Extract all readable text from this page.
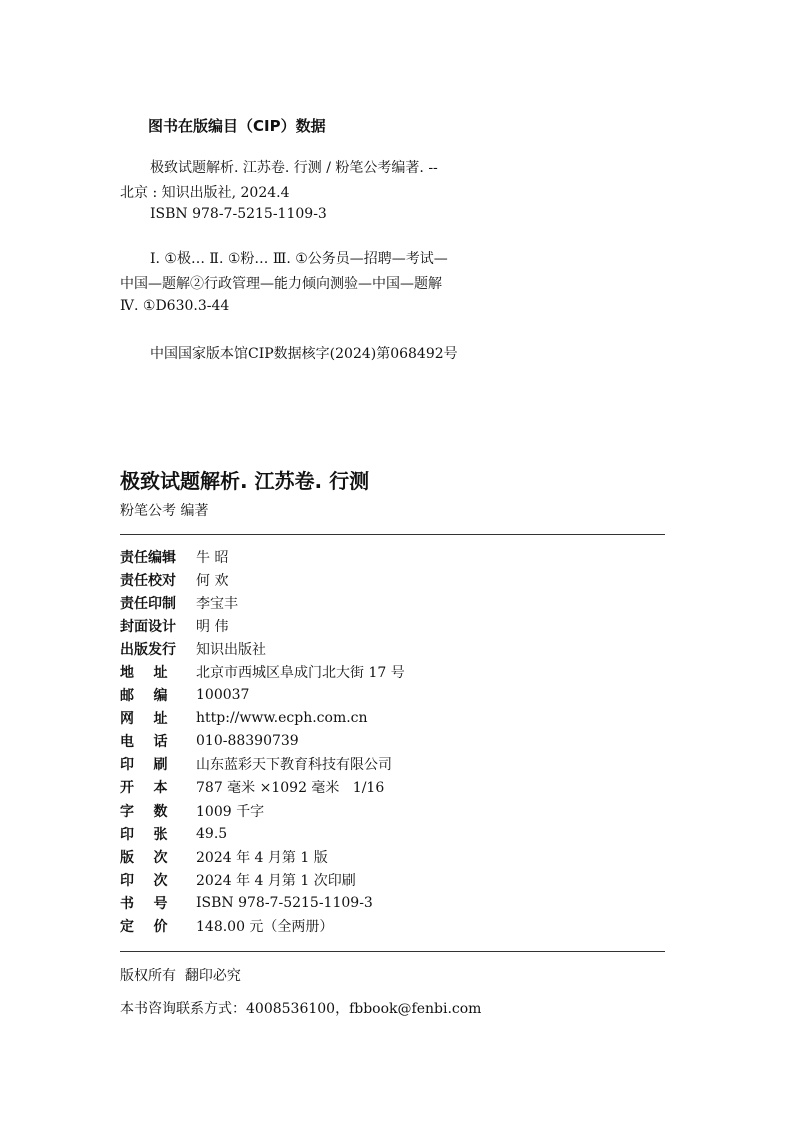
图书在版编目（CIP）数据
极致试题解析. 江苏卷. 行测 / 粉笔公考编著. --
北京 : 知识出版社, 2024.4
ISBN 978-7-5215-1109-3
Ⅰ. ①极… Ⅱ. ①粉… Ⅲ. ①公务员—招聘—考试—
中国—题解②行政管理—能力倾向测验—中国—题解
Ⅳ. ①D630.3-44
中国国家版本馆CIP数据核字(2024)第068492号
极致试题解析. 江苏卷. 行测
粉笔公考 编著
责任编辑	牛 昭
责任校对	何 欢
责任印制	李宝丰
封面设计	明 伟
出版发行	知识出版社
地    址	北京市西城区阜成门北大街 17 号
邮    编	100037
网    址	http://www.ecph.com.cn
电    话	010-88390739
印    刷	山东蓝彩天下教育科技有限公司
开    本	787 毫米 ×1092 毫米   1/16
字    数	1009 千字
印    张	49.5
版    次	2024 年 4 月第 1 版
印    次	2024 年 4 月第 1 次印刷
书    号	ISBN 978-7-5215-1109-3
定    价	148.00 元（全两册）
版权所有  翻印必究
本书咨询联系方式：4008536100，fbbook@fenbi.com
